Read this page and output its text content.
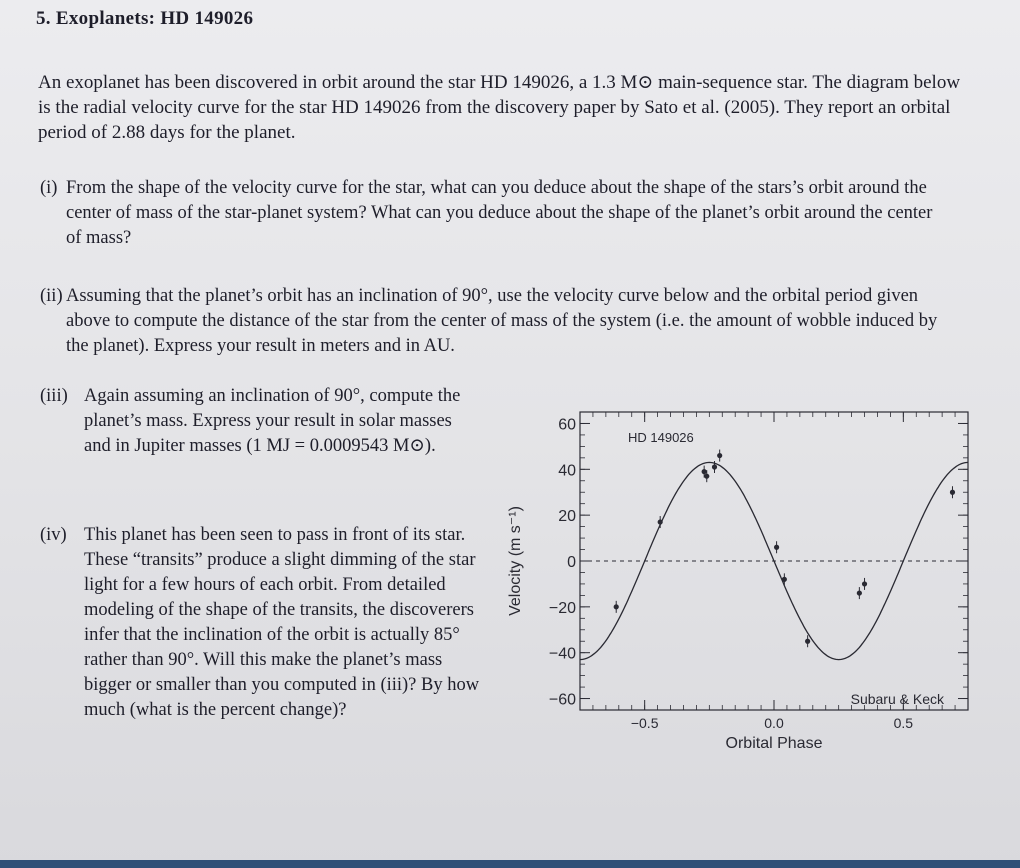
5. Exoplanets: HD 149026
An exoplanet has been discovered in orbit around the star HD 149026, a 1.3 M⊙ main-sequence star. The diagram below is the radial velocity curve for the star HD 149026 from the discovery paper by Sato et al. (2005). They report an orbital period of 2.88 days for the planet.
(i) From the shape of the velocity curve for the star, what can you deduce about the shape of the stars’s orbit around the center of mass of the star-planet system? What can you deduce about the shape of the planet’s orbit around the center of mass?
(ii) Assuming that the planet’s orbit has an inclination of 90°, use the velocity curve below and the orbital period given above to compute the distance of the star from the center of mass of the system (i.e. the amount of wobble induced by the planet). Express your result in meters and in AU.
(iii) Again assuming an inclination of 90°, compute the planet’s mass. Express your result in solar masses and in Jupiter masses (1 MJ = 0.0009543 M⊙).
(iv) This planet has been seen to pass in front of its star. These “transits” produce a slight dimming of the star light for a few hours of each orbit. From detailed modeling of the shape of the transits, the discoverers infer that the inclination of the orbit is actually 85° rather than 90°. Will this make the planet’s mass bigger or smaller than you computed in (iii)? By how much (what is the percent change)?
−0.5	0.0	0.5
60
40
20
0
−20
−40
−60
HD 149026
Subaru & Keck
Orbital Phase
Velocity (m s⁻¹)
